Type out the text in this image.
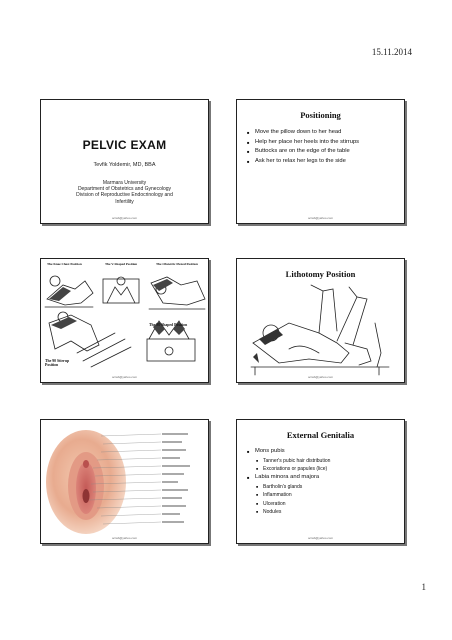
15.11.2014
PELVIC EXAM
Tevfik Yoldemir, MD, BBA
Marmara University
Department of Obstetrics and Gynecology
Division of Reproductive Endocrinology and
Infertility
ocrab@yahoo.com
Positioning
■ Move the pillow down to her head
■ Help her place her heels into the stirrups
■ Buttocks are on the edge of the table
■ Ask her to relax her legs to the side
ocrab@yahoo.com
The Knee Chest Position	The V-Shaped Position	The Obstetric Flexed Position
The 90 Stirrup Position
The M-Shaped Position
ocrab@yahoo.com
Lithotomy Position
ocrab@yahoo.com
ocrab@yahoo.com
External Genitalia
■ Mons pubis
■ Tanner's pubic hair distribution
■ Excoriations or papules (lice)
■ Labia minora and majora
■ Bartholin's glands
■ Inflammation
■ Ulceration
■ Nodules
ocrab@yahoo.com
1
